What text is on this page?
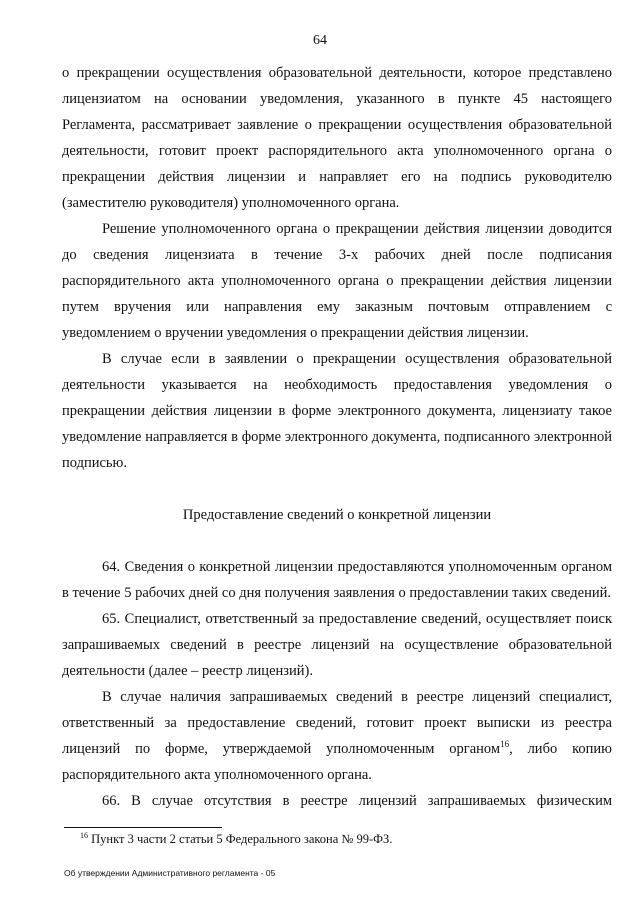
64

о прекращении осуществления образовательной деятельности, которое представлено лицензиатом на основании уведомления, указанного в пункте 45 настоящего Регламента, рассматривает заявление о прекращении осуществления образовательной деятельности, готовит проект распорядительного акта уполномоченного органа о прекращении действия лицензии и направляет его на подпись руководителю (заместителю руководителя) уполномоченного органа.

Решение уполномоченного органа о прекращении действия лицензии доводится до сведения лицензиата в течение 3-х рабочих дней после подписания распорядительного акта уполномоченного органа о прекращении действия лицензии путем вручения или направления ему заказным почтовым отправлением с уведомлением о вручении уведомления о прекращении действия лицензии.

В случае если в заявлении о прекращении осуществления образовательной деятельности указывается на необходимость предоставления уведомления о прекращении действия лицензии в форме электронного документа, лицензиату такое уведомление направляется в форме электронного документа, подписанного электронной подписью.

Предоставление сведений о конкретной лицензии

64. Сведения о конкретной лицензии предоставляются уполномоченным органом в течение 5 рабочих дней со дня получения заявления о предоставлении таких сведений.

65. Специалист, ответственный за предоставление сведений, осуществляет поиск запрашиваемых сведений в реестре лицензий на осуществление образовательной деятельности (далее – реестр лицензий).

В случае наличия запрашиваемых сведений в реестре лицензий специалист, ответственный за предоставление сведений, готовит проект выписки из реестра лицензий по форме, утверждаемой уполномоченным органом$^{16}$, либо копию распорядительного акта уполномоченного органа.

66. В случае отсутствия в реестре лицензий запрашиваемых физическим

$^{16}$ Пункт 3 части 2 статьи 5 Федерального закона № 99-ФЗ.
Об утверждении Административного регламента - 05
